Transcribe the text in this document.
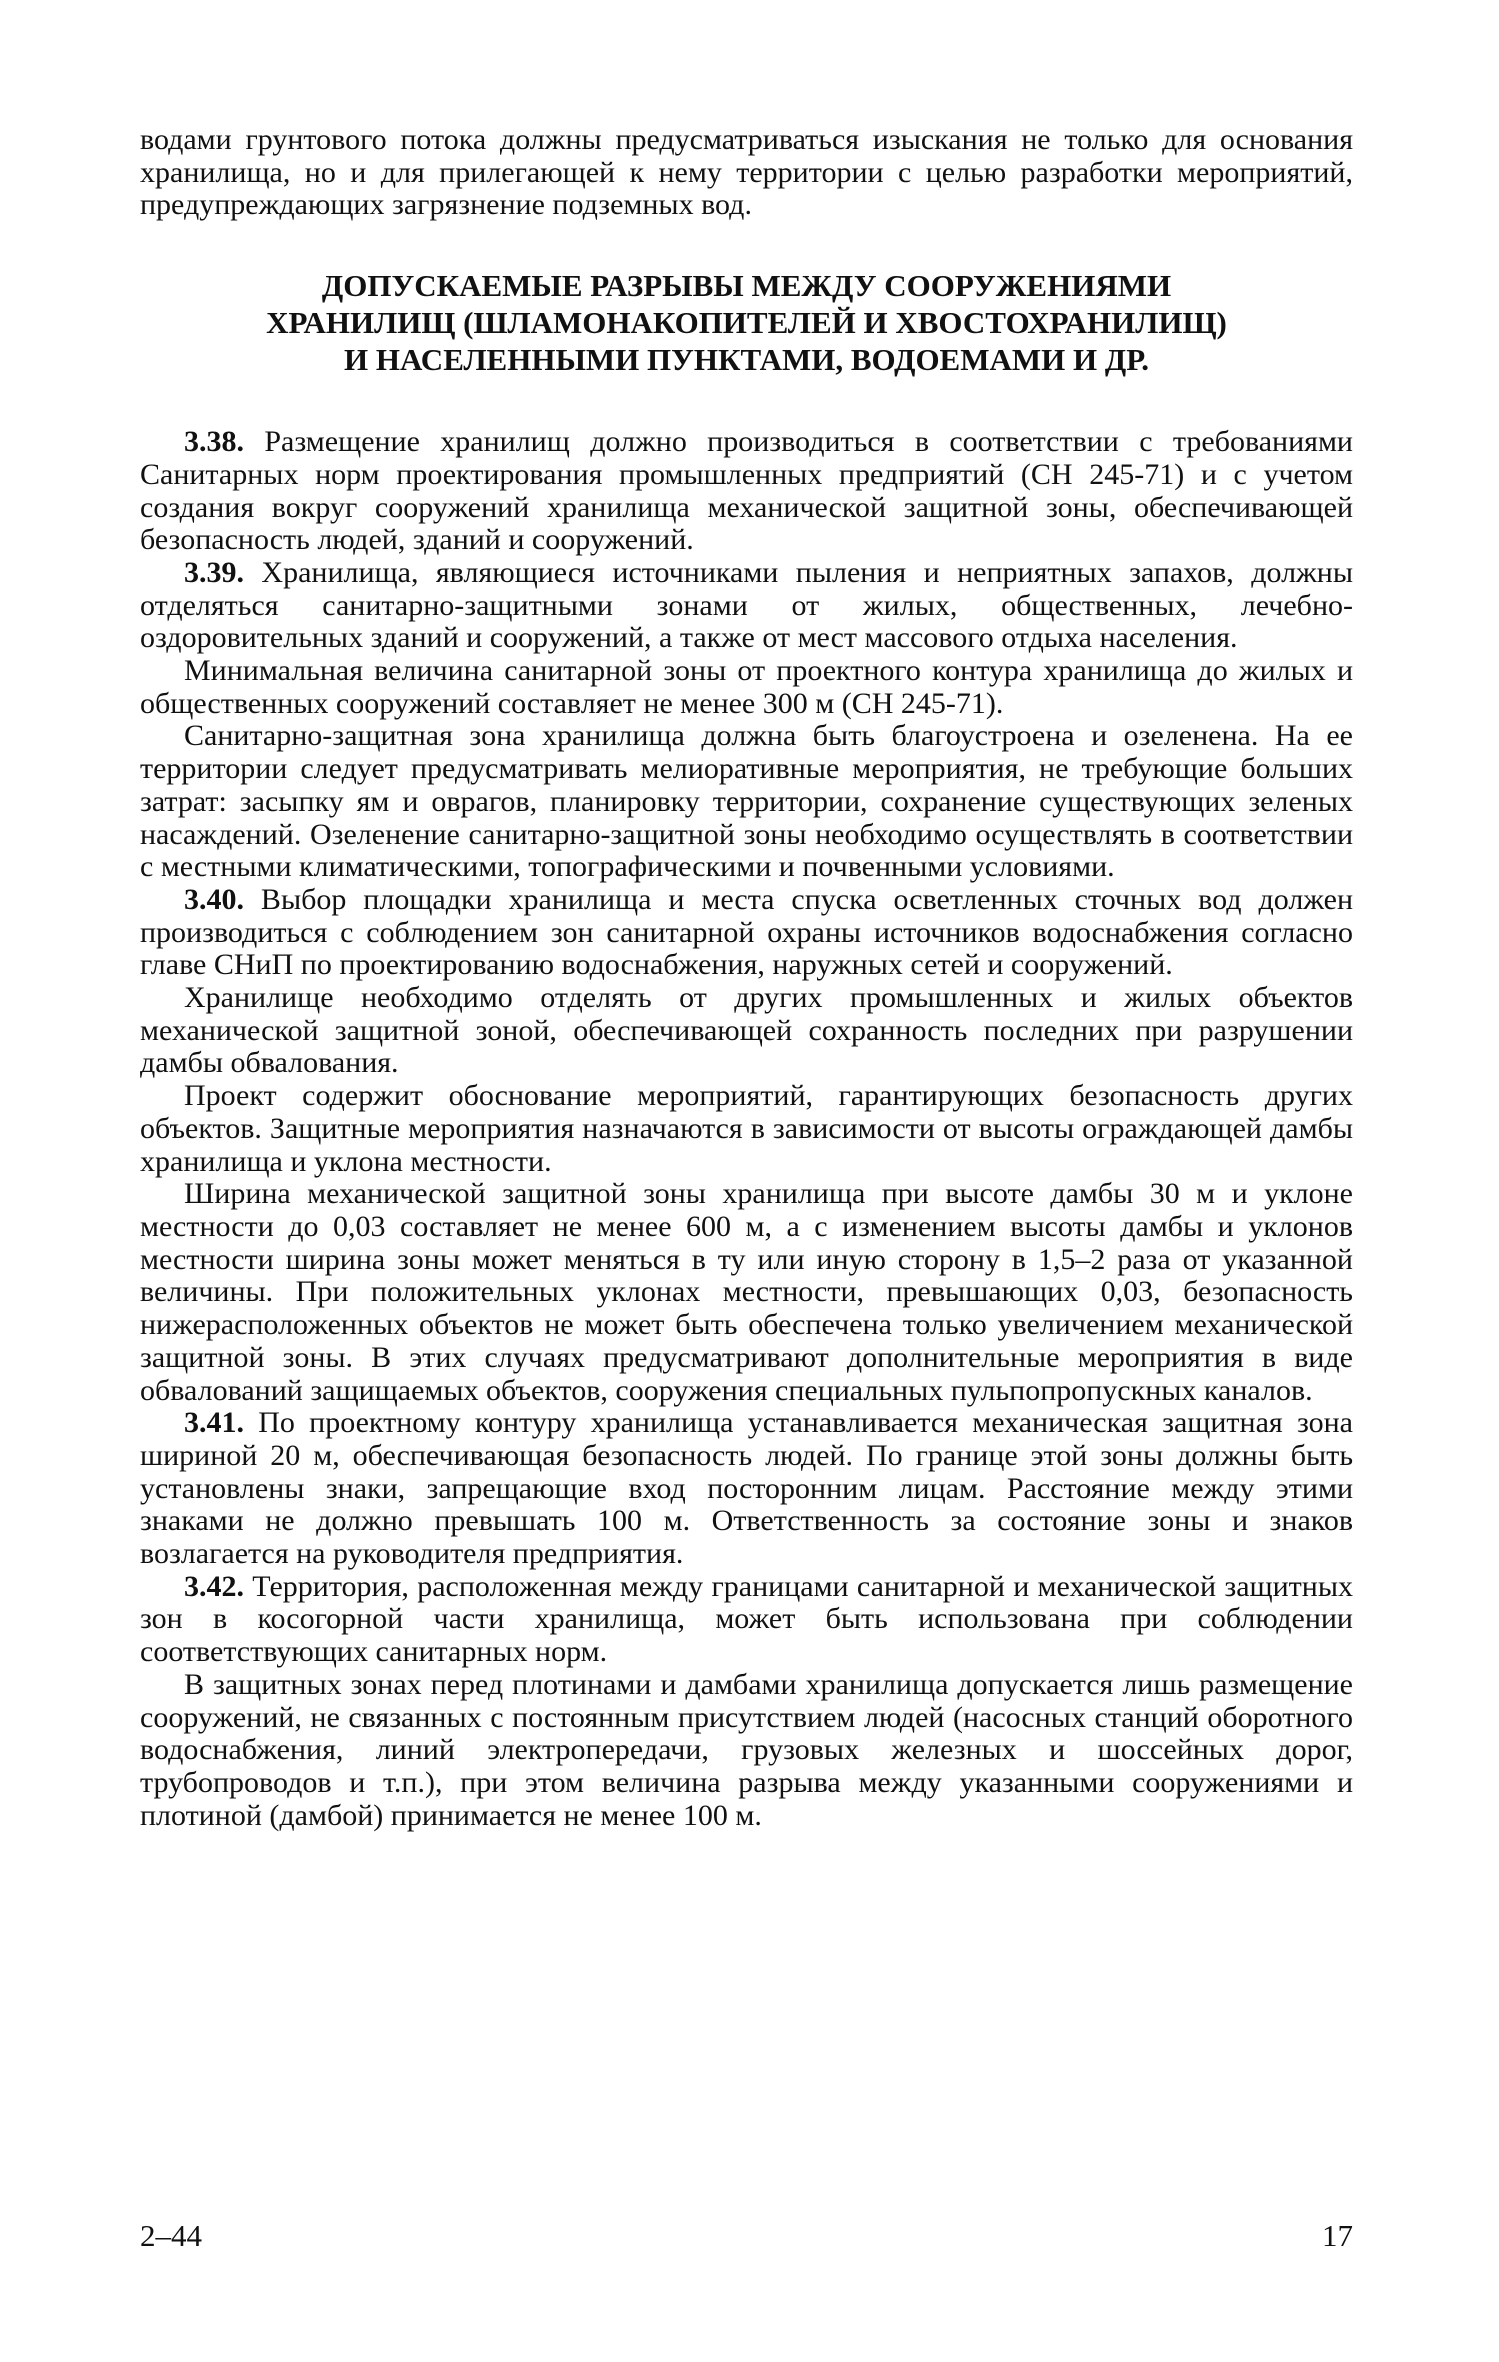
водами грунтового потока должны предусматриваться изыскания не только для основания хранилища, но и для прилегающей к нему территории с целью разработки мероприятий, предупреждающих загрязнение подземных вод.

ДОПУСКАЕМЫЕ РАЗРЫВЫ МЕЖДУ СООРУЖЕНИЯМИ
ХРАНИЛИЩ (ШЛАМОНАКОПИТЕЛЕЙ И ХВОСТОХРАНИЛИЩ)
И НАСЕЛЕННЫМИ ПУНКТАМИ, ВОДОЕМАМИ И ДР.

3.38. Размещение хранилищ должно производиться в соответствии с требованиями Санитарных норм проектирования промышленных предприятий (СН 245-71) и с учетом создания вокруг сооружений хранилища механической защитной зоны, обеспечивающей безопасность людей, зданий и сооружений.

3.39. Хранилища, являющиеся источниками пыления и неприятных запахов, должны отделяться санитарно-защитными зонами от жилых, общественных, лечебно-оздоровительных зданий и сооружений, а также от мест массового отдыха населения.

Минимальная величина санитарной зоны от проектного контура хранилища до жилых и общественных сооружений составляет не менее 300 м (СН 245-71).

Санитарно-защитная зона хранилища должна быть благоустроена и озеленена. На ее территории следует предусматривать мелиоративные мероприятия, не требующие больших затрат: засыпку ям и оврагов, планировку территории, сохранение существующих зеленых насаждений. Озеленение санитарно-защитной зоны необходимо осуществлять в соответствии с местными климатическими, топографическими и почвенными условиями.

3.40. Выбор площадки хранилища и места спуска осветленных сточных вод должен производиться с соблюдением зон санитарной охраны источников водоснабжения согласно главе СНиП по проектированию водоснабжения, наружных сетей и сооружений.

Хранилище необходимо отделять от других промышленных и жилых объектов механической защитной зоной, обеспечивающей сохранность последних при разрушении дамбы обвалования.

Проект содержит обоснование мероприятий, гарантирующих безопасность других объектов. Защитные мероприятия назначаются в зависимости от высоты ограждающей дамбы хранилища и уклона местности.

Ширина механической защитной зоны хранилища при высоте дамбы 30 м и уклоне местности до 0,03 составляет не менее 600 м, а с изменением высоты дамбы и уклонов местности ширина зоны может меняться в ту или иную сторону в 1,5–2 раза от указанной величины. При положительных уклонах местности, превышающих 0,03, безопасность нижерасположенных объектов не может быть обеспечена только увеличением механической защитной зоны. В этих случаях предусматривают дополнительные мероприятия в виде обвалований защищаемых объектов, сооружения специальных пульпопропускных каналов.

3.41. По проектному контуру хранилища устанавливается механическая защитная зона шириной 20 м, обеспечивающая безопасность людей. По границе этой зоны должны быть установлены знаки, запрещающие вход посторонним лицам. Расстояние между этими знаками не должно превышать 100 м. Ответственность за состояние зоны и знаков возлагается на руководителя предприятия.

3.42. Территория, расположенная между границами санитарной и механической защитных зон в косогорной части хранилища, может быть использована при соблюдении соответствующих санитарных норм.

В защитных зонах перед плотинами и дамбами хранилища допускается лишь размещение сооружений, не связанных с постоянным присутствием людей (насосных станций оборотного водоснабжения, линий электропередачи, грузовых железных и шоссейных дорог, трубопроводов и т.п.), при этом величина разрыва между указанными сооружениями и плотиной (дамбой) принимается не менее 100 м.

2–44	17
